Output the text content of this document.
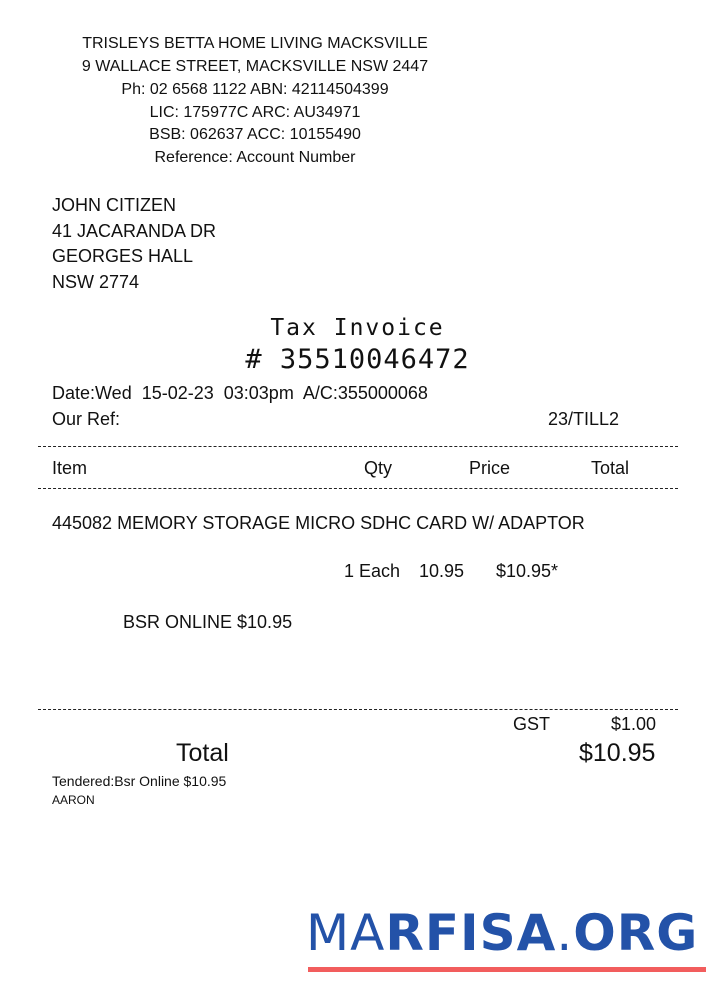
TRISLEYS BETTA HOME LIVING MACKSVILLE
9 WALLACE STREET, MACKSVILLE NSW 2447
Ph: 02 6568 1122 ABN: 42114504399
LIC: 175977C ARC: AU34971
BSB: 062637 ACC: 10155490
Reference: Account Number
JOHN CITIZEN
41 JACARANDA DR
GEORGES HALL
NSW 2774
Tax Invoice
# 35510046472
Date:Wed  15-02-23  03:03pm  A/C:355000068
Our Ref:	23/TILL2
Item	Qty	Price	Total
445082 MEMORY STORAGE MICRO SDHC CARD W/ ADAPTOR
1 Each 10.95 $10.95*
BSR ONLINE $10.95
GST	$1.00
Total	$10.95
Tendered:Bsr Online $10.95
AARON
MARFISA.ORG
